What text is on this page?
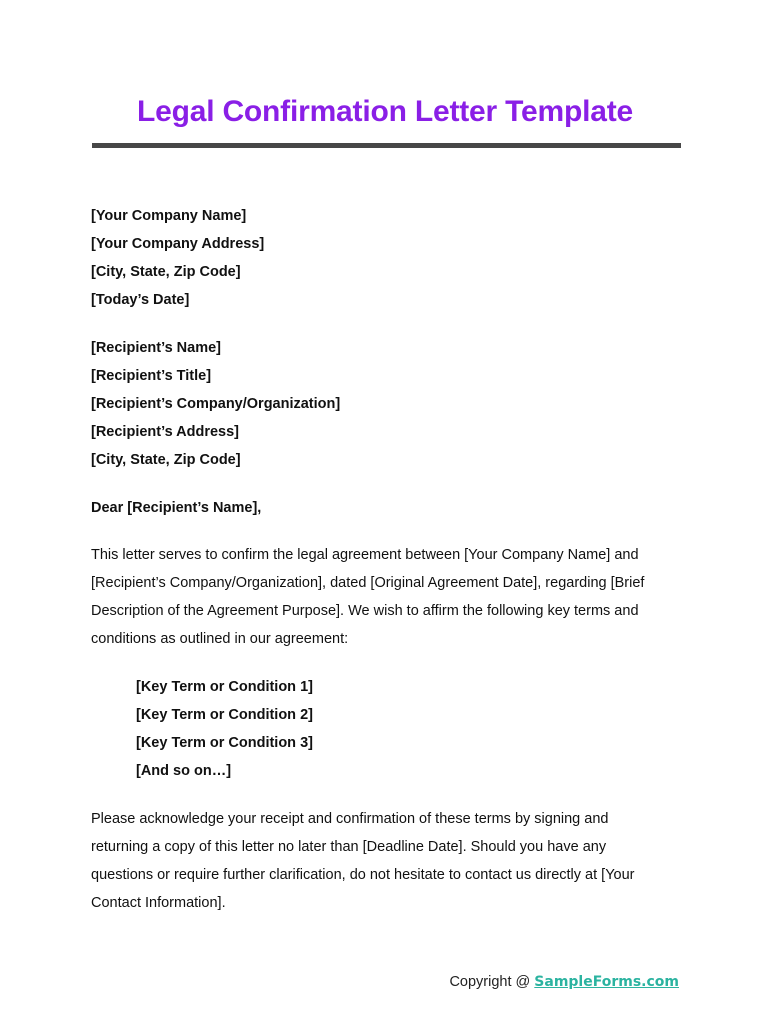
Legal Confirmation Letter Template
[Your Company Name]
[Your Company Address]
[City, State, Zip Code]
[Today’s Date]
[Recipient’s Name]
[Recipient’s Title]
[Recipient’s Company/Organization]
[Recipient’s Address]
[City, State, Zip Code]
Dear [Recipient’s Name],

This letter serves to confirm the legal agreement between [Your Company Name] and
[Recipient’s Company/Organization], dated [Original Agreement Date], regarding [Brief
Description of the Agreement Purpose]. We wish to affirm the following key terms and
conditions as outlined in our agreement:

[Key Term or Condition 1]
[Key Term or Condition 2]
[Key Term or Condition 3]
[And so on…]

Please acknowledge your receipt and confirmation of these terms by signing and
returning a copy of this letter no later than [Deadline Date]. Should you have any
questions or require further clarification, do not hesitate to contact us directly at [Your
Contact Information].

Copyright @ SampleForms.com
